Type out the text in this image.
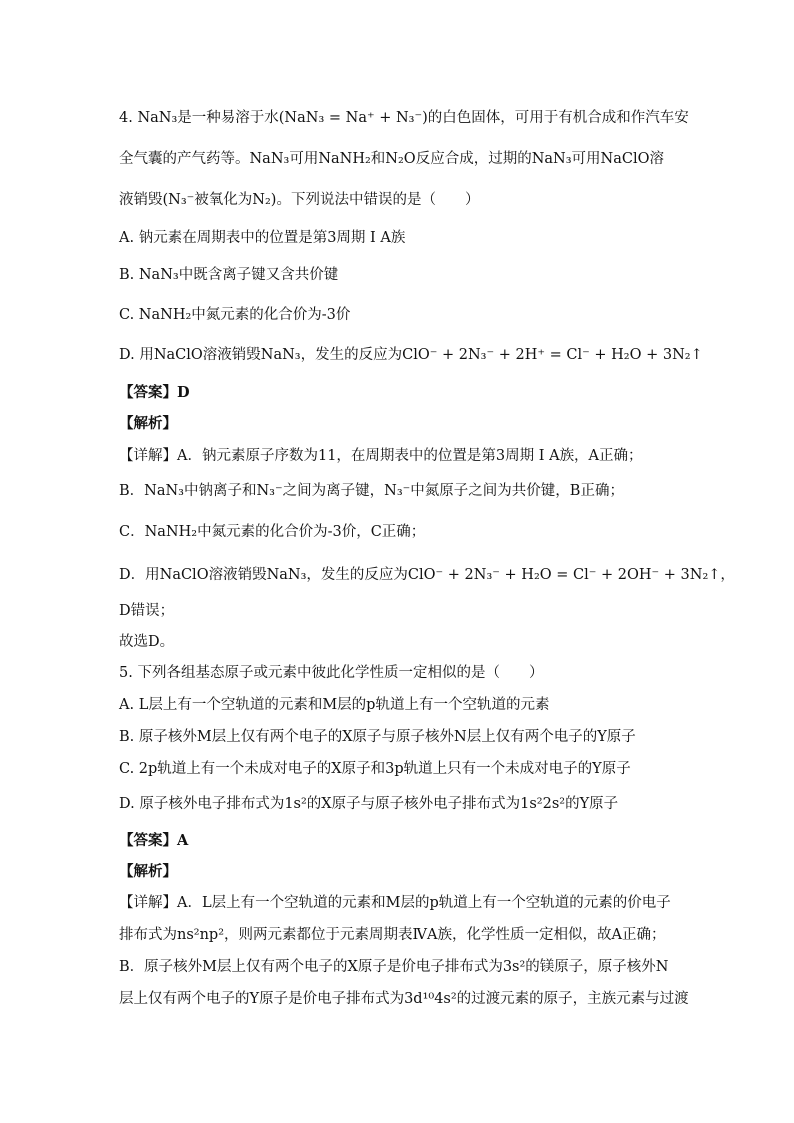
4. NaN₃是一种易溶于水(NaN₃ = Na⁺ + N₃⁻)的白色固体，可用于有机合成和作汽车安
全气囊的产气药等。NaN₃可用NaNH₂和N₂O反应合成，过期的NaN₃可用NaClO溶
液销毁(N₃⁻被氧化为N₂)。下列说法中错误的是（　　）
A. 钠元素在周期表中的位置是第3周期 I A族
B. NaN₃中既含离子键又含共价键
C. NaNH₂中氮元素的化合价为-3价
D. 用NaClO溶液销毁NaN₃，发生的反应为ClO⁻ + 2N₃⁻ + 2H⁺ = Cl⁻ + H₂O + 3N₂↑
【答案】D
【解析】
【详解】A．钠元素原子序数为11，在周期表中的位置是第3周期 I A族，A正确；
B．NaN₃中钠离子和N₃⁻之间为离子键，N₃⁻中氮原子之间为共价键，B正确；
C．NaNH₂中氮元素的化合价为-3价，C正确；
D．用NaClO溶液销毁NaN₃，发生的反应为ClO⁻ + 2N₃⁻ + H₂O = Cl⁻ + 2OH⁻ + 3N₂↑，
D错误；
故选D。
5. 下列各组基态原子或元素中彼此化学性质一定相似的是（　　）
A. L层上有一个空轨道的元素和M层的p轨道上有一个空轨道的元素
B. 原子核外M层上仅有两个电子的X原子与原子核外N层上仅有两个电子的Y原子
C. 2p轨道上有一个未成对电子的X原子和3p轨道上只有一个未成对电子的Y原子
D. 原子核外电子排布式为1s²的X原子与原子核外电子排布式为1s²2s²的Y原子
【答案】A
【解析】
【详解】A．L层上有一个空轨道的元素和M层的p轨道上有一个空轨道的元素的价电子
排布式为ns²np²，则两元素都位于元素周期表ⅣA族，化学性质一定相似，故A正确；
B．原子核外M层上仅有两个电子的X原子是价电子排布式为3s²的镁原子，原子核外N
层上仅有两个电子的Y原子是价电子排布式为3d¹⁰4s²的过渡元素的原子，主族元素与过渡
